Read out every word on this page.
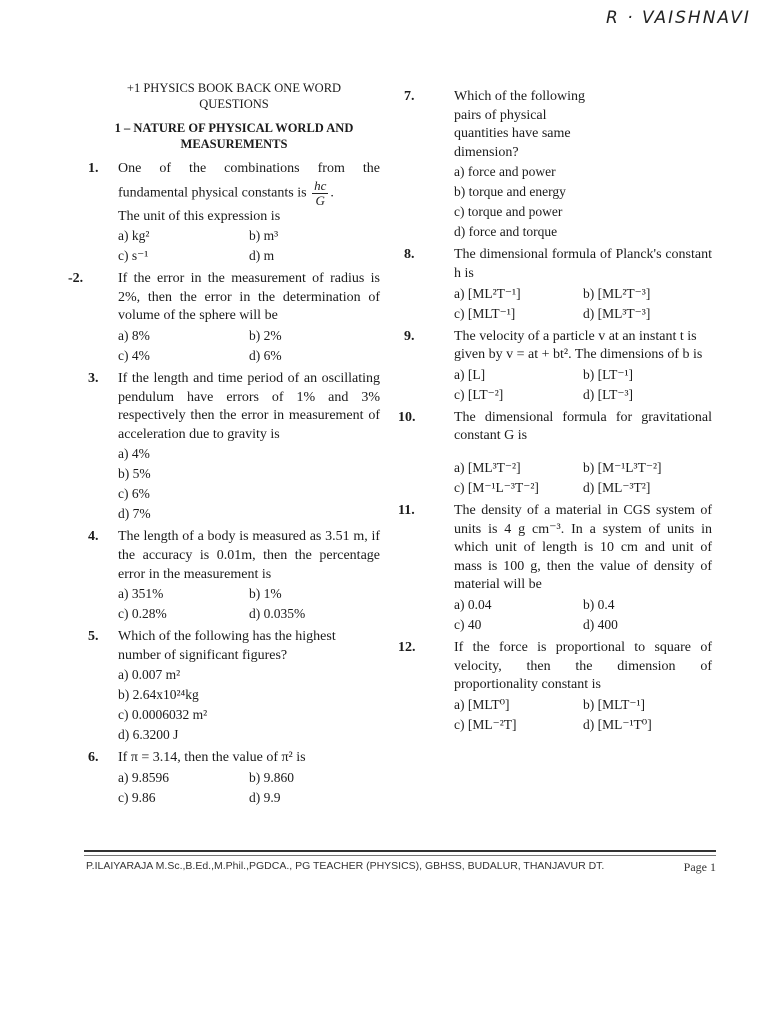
R · VAISHNAVI
+1 PHYSICS BOOK BACK ONE WORD
QUESTIONS
1 – NATURE OF PHYSICAL WORLD AND
MEASUREMENTS
1. One of the combinations from the fundamental physical constants is $\frac{hc}{G}$ .
The unit of this expression is
a) kg²	b) m³
c) s⁻¹	d) m
-2. If the error in the measurement of radius is 2%, then the error in the determination of volume of the sphere will be
a) 8%	b) 2%
c) 4%	d) 6%
3. If the length and time period of an oscillating pendulum have errors of 1% and 3% respectively then the error in measurement of acceleration due to gravity is
a) 4%
b) 5%
c) 6%
d) 7%
4. The length of a body is measured as 3.51 m, if the accuracy is 0.01m, then the percentage error in the measurement is
a) 351%	b) 1%
c) 0.28%	d) 0.035%
5. Which of the following has the highest number of significant figures?
a) 0.007 m²
b) 2.64x10²⁴kg
c) 0.0006032 m²
d) 6.3200 J
6. If π = 3.14, then the value of π² is
a) 9.8596	b) 9.860
c) 9.86	d) 9.9
7.	Which of the following pairs of physical quantities have same dimension?
a) force and power
b) torque and energy
c) torque and power
d) force and torque
8.	The dimensional formula of Planck's constant h is
a) [ML²T⁻¹]	b) [ML²T⁻³]
c) [MLT⁻¹]	d) [ML³T⁻³]
9.	The velocity of a particle v at an instant t is given by v = at + bt². The dimensions of b is
a) [L]	b) [LT⁻¹]
c) [LT⁻²]	d) [LT⁻³]
10.	The dimensional formula for gravitational constant G is
a) [ML³T⁻²]	b) [M⁻¹L³T⁻²]
c) [M⁻¹L⁻³T⁻²]	d) [ML⁻³T²]
11.	The density of a material in CGS system of units is 4 g cm⁻³. In a system of units in which unit of length is 10 cm and unit of mass is 100 g, then the value of density of material will be
a) 0.04	b) 0.4
c) 40	d) 400
12.	If the force is proportional to square of velocity, then the dimension of proportionality constant is
a) [MLT⁰]	b) [MLT⁻¹]
c) [ML⁻²T]	d) [ML⁻¹T⁰]
P.ILAIYARAJA M.Sc.,B.Ed.,M.Phil.,PGDCA., PG TEACHER (PHYSICS), GBHSS, BUDALUR, THANJAVUR DT.	Page 1
